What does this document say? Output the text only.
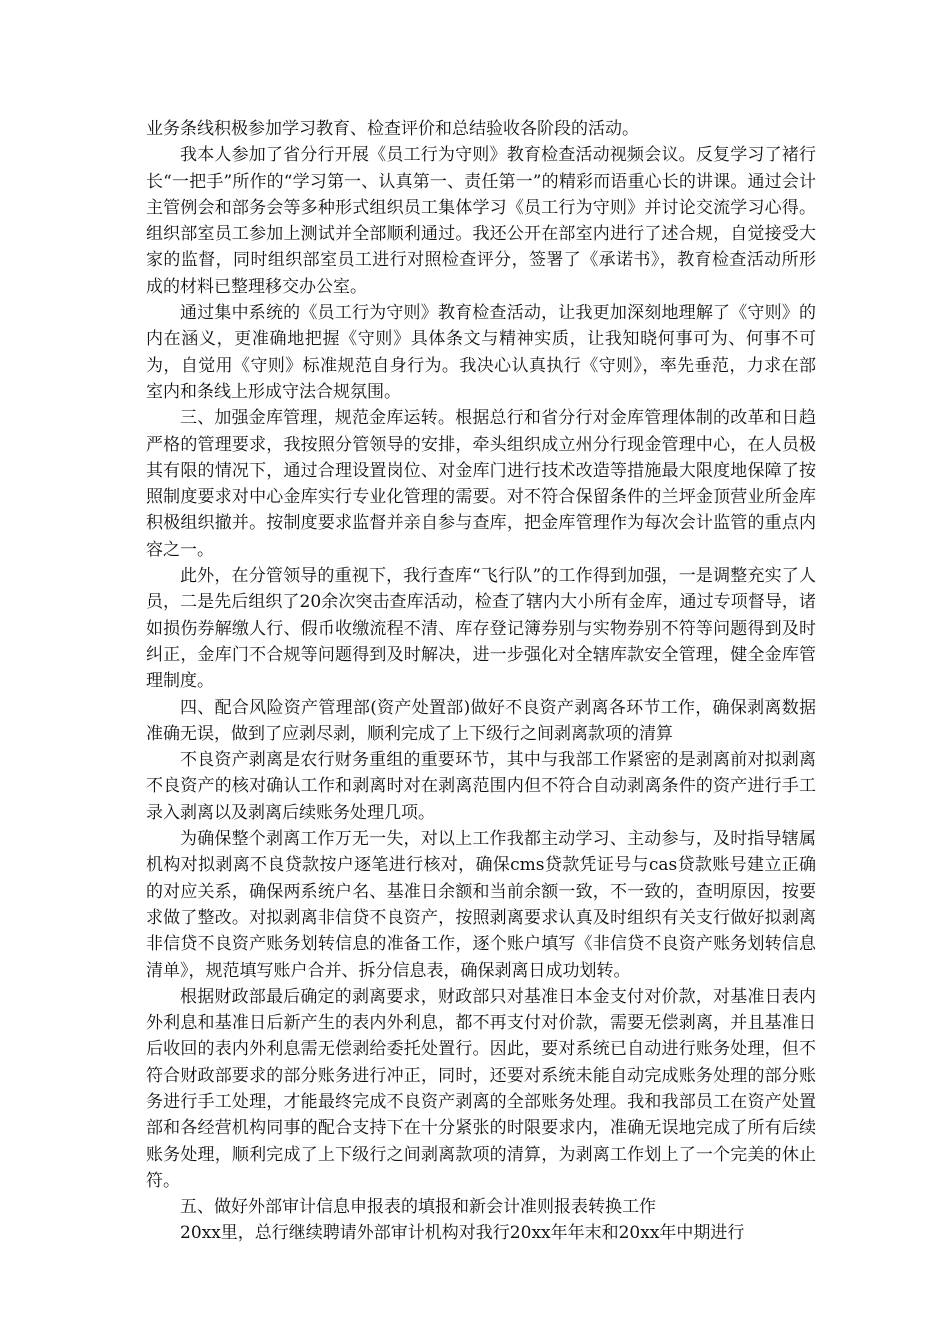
业务条线积极参加学习教育、检查评价和总结验收各阶段的活动。

我本人参加了省分行开展《员工行为守则》教育检查活动视频会议。反复学习了褚行长“一把手”所作的“学习第一、认真第一、责任第一”的精彩而语重心长的讲课。通过会计主管例会和部务会等多种形式组织员工集体学习《员工行为守则》并讨论交流学习心得。组织部室员工参加上测试并全部顺利通过。我还公开在部室内进行了述合规，自觉接受大家的监督，同时组织部室员工进行对照检查评分，签署了《承诺书》，教育检查活动所形成的材料已整理移交办公室。

通过集中系统的《员工行为守则》教育检查活动，让我更加深刻地理解了《守则》的内在涵义，更准确地把握《守则》具体条文与精神实质，让我知晓何事可为、何事不可为，自觉用《守则》标准规范自身行为。我决心认真执行《守则》，率先垂范，力求在部室内和条线上形成守法合规氛围。

三、加强金库管理，规范金库运转。根据总行和省分行对金库管理体制的改革和日趋严格的管理要求，我按照分管领导的安排，牵头组织成立州分行现金管理中心，在人员极其有限的情况下，通过合理设置岗位、对金库门进行技术改造等措施最大限度地保障了按照制度要求对中心金库实行专业化管理的需要。对不符合保留条件的兰坪金顶营业所金库积极组织撤并。按制度要求监督并亲自参与查库，把金库管理作为每次会计监管的重点内容之一。

此外，在分管领导的重视下，我行查库“飞行队”的工作得到加强，一是调整充实了人员，二是先后组织了20余次突击查库活动，检查了辖内大小所有金库，通过专项督导，诸如损伤券解缴人行、假币收缴流程不清、库存登记簿券别与实物券别不符等问题得到及时纠正，金库门不合规等问题得到及时解决，进一步强化对全辖库款安全管理，健全金库管理制度。

四、配合风险资产管理部(资产处置部)做好不良资产剥离各环节工作，确保剥离数据准确无误，做到了应剥尽剥，顺利完成了上下级行之间剥离款项的清算

不良资产剥离是农行财务重组的重要环节，其中与我部工作紧密的是剥离前对拟剥离不良资产的核对确认工作和剥离时对在剥离范围内但不符合自动剥离条件的资产进行手工录入剥离以及剥离后续账务处理几项。

为确保整个剥离工作万无一失，对以上工作我都主动学习、主动参与，及时指导辖属机构对拟剥离不良贷款按户逐笔进行核对，确保cms贷款凭证号与cas贷款账号建立正确的对应关系，确保两系统户名、基准日余额和当前余额一致，不一致的，查明原因，按要求做了整改。对拟剥离非信贷不良资产，按照剥离要求认真及时组织有关支行做好拟剥离非信贷不良资产账务划转信息的准备工作，逐个账户填写《非信贷不良资产账务划转信息清单》，规范填写账户合并、拆分信息表，确保剥离日成功划转。

根据财政部最后确定的剥离要求，财政部只对基准日本金支付对价款，对基准日表内外利息和基准日后新产生的表内外利息，都不再支付对价款，需要无偿剥离，并且基准日后收回的表内外利息需无偿剥给委托处置行。因此，要对系统已自动进行账务处理，但不符合财政部要求的部分账务进行冲正，同时，还要对系统未能自动完成账务处理的部分账务进行手工处理，才能最终完成不良资产剥离的全部账务处理。我和我部员工在资产处置部和各经营机构同事的配合支持下在十分紧张的时限要求内，准确无误地完成了所有后续账务处理，顺利完成了上下级行之间剥离款项的清算，为剥离工作划上了一个完美的休止符。

五、做好外部审计信息申报表的填报和新会计准则报表转换工作

20xx里，总行继续聘请外部审计机构对我行20xx年年末和20xx年中期进行
